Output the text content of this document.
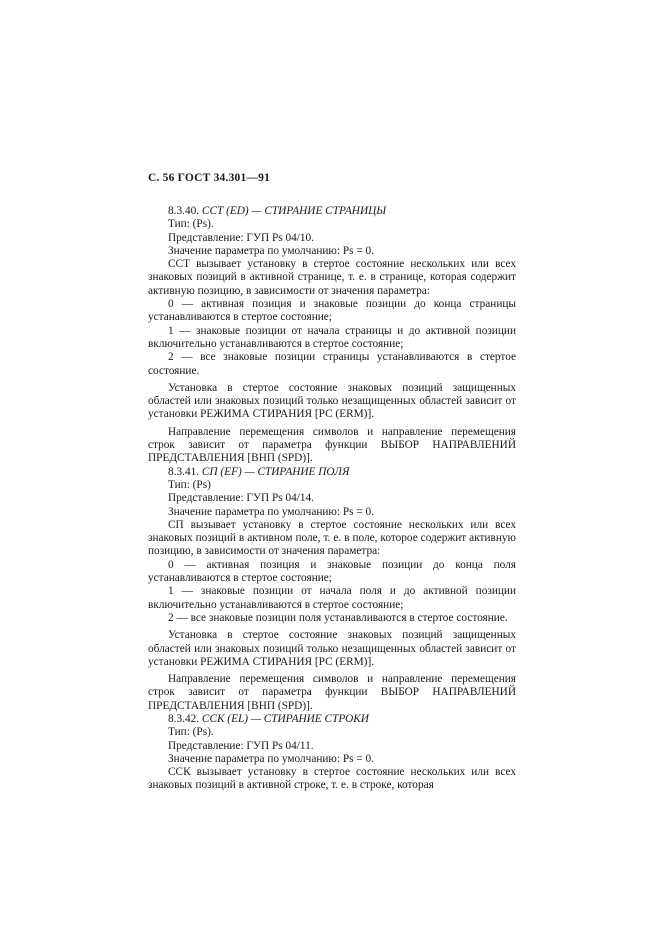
С. 56 ГОСТ 34.301—91

8.3.40. ССТ (ED) — СТИРАНИЕ СТРАНИЦЫ

Тип: (Ps).

Представление: ГУП Ps 04/10.

Значение параметра по умолчанию: Ps = 0.

ССТ вызывает установку в стертое состояние нескольких или всех знаковых позиций в активной странице, т. е. в странице, которая содержит активную позицию, в зависимости от значения параметра:

0 — активная позиция и знаковые позиции до конца страницы устанавливаются в стертое состояние;

1 — знаковые позиции от начала страницы и до активной позиции включительно устанавливаются в стертое состояние;

2 — все знаковые позиции страницы устанавливаются в стертое состояние.

Установка в стертое состояние знаковых позиций защищенных областей или знаковых позиций только незащищенных областей зависит от установки РЕЖИМА СТИРАНИЯ [РС (ERM)].

Направление перемещения символов и направление перемещения строк зависит от параметра функции ВЫБОР НАПРАВЛЕНИЙ ПРЕДСТАВЛЕНИЯ [ВНП (SPD)].

8.3.41. СП (EF) — СТИРАНИЕ ПОЛЯ

Тип: (Ps)

Представление: ГУП Ps 04/14.

Значение параметра по умолчанию: Ps = 0.

СП вызывает установку в стертое состояние нескольких или всех знаковых позиций в активном поле, т. е. в поле, которое содержит активную позицию, в зависимости от значения параметра:

0 — активная позиция и знаковые позиции до конца поля устанавливаются в стертое состояние;

1 — знаковые позиции от начала поля и до активной позиции включительно устанавливаются в стертое состояние;

2 — все знаковые позиции поля устанавливаются в стертое состояние.

Установка в стертое состояние знаковых позиций защищенных областей или знаковых позиций только незащищенных областей зависит от установки РЕЖИМА СТИРАНИЯ [РС (ERM)].

Направление перемещения символов и направление перемещения строк зависит от параметра функции ВЫБОР НАПРАВЛЕНИЙ ПРЕДСТАВЛЕНИЯ [ВНП (SPD)].

8.3.42. ССК (EL) — СТИРАНИЕ СТРОКИ

Тип: (Ps).

Представление: ГУП Ps 04/11.

Значение параметра по умолчанию: Ps = 0.

ССК вызывает установку в стертое состояние нескольких или всех знаковых позиций в активной строке, т. е. в строке, которая
